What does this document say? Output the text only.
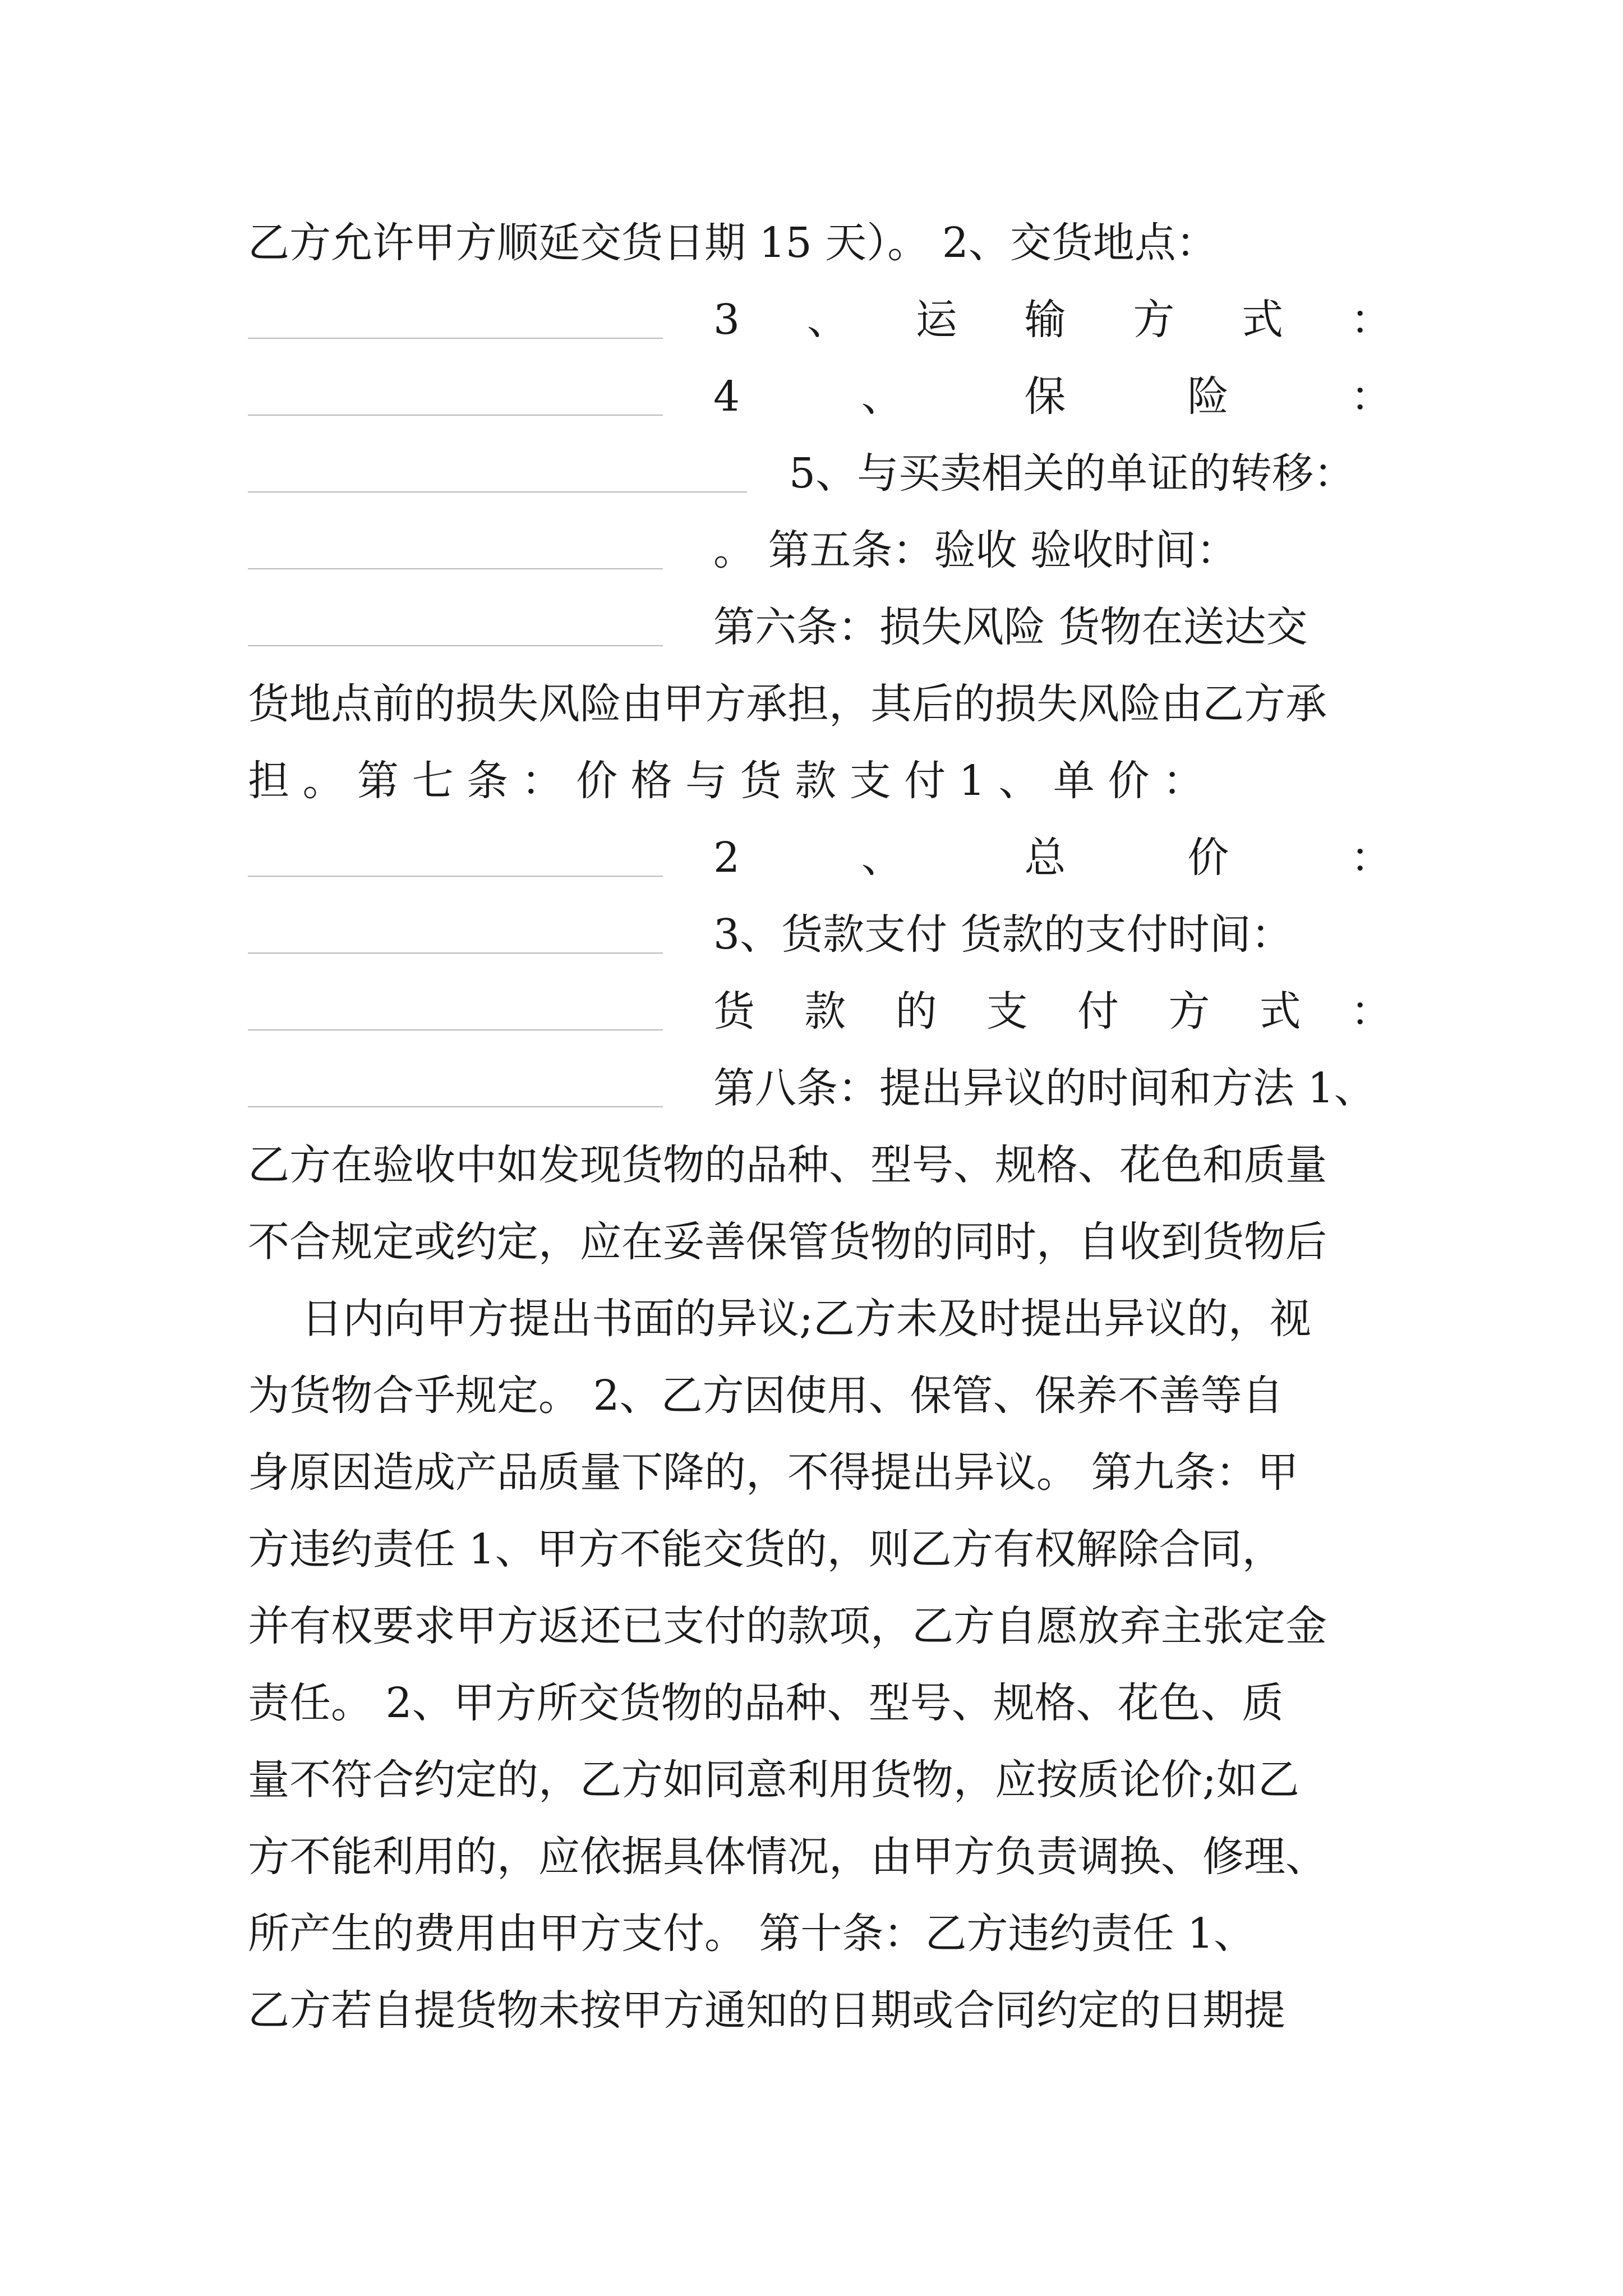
乙方允许甲方顺延交货日期 15 天）。 2、交货地点：
3 、 运 输 方 式 ：
4	、	保	险	：
5、与买卖相关的单证的转移：
。 第五条：验收 验收时间：
第六条：损失风险 货物在送达交
货地点前的损失风险由甲方承担，其后的损失风险由乙方承
担 。 第 七 条 ： 价 格 与 货 款 支 付 1 、 单 价 ：
2	、	总	价	：
3、货款支付 货款的支付时间：
货 款 的 支 付 方 式 ：
第八条：提出异议的时间和方法 1、
乙方在验收中如发现货物的品种、型号、规格、花色和质量
不合规定或约定，应在妥善保管货物的同时，自收到货物后
日内向甲方提出书面的异议;乙方未及时提出异议的，视
为货物合乎规定。 2、乙方因使用、保管、保养不善等自
身原因造成产品质量下降的，不得提出异议。 第九条：甲
方违约责任 1、甲方不能交货的，则乙方有权解除合同，
并有权要求甲方返还已支付的款项，乙方自愿放弃主张定金
责任。 2、甲方所交货物的品种、型号、规格、花色、质
量不符合约定的，乙方如同意利用货物，应按质论价;如乙
方不能利用的，应依据具体情况，由甲方负责调换、修理、
所产生的费用由甲方支付。 第十条：乙方违约责任 1、
乙方若自提货物未按甲方通知的日期或合同约定的日期提
